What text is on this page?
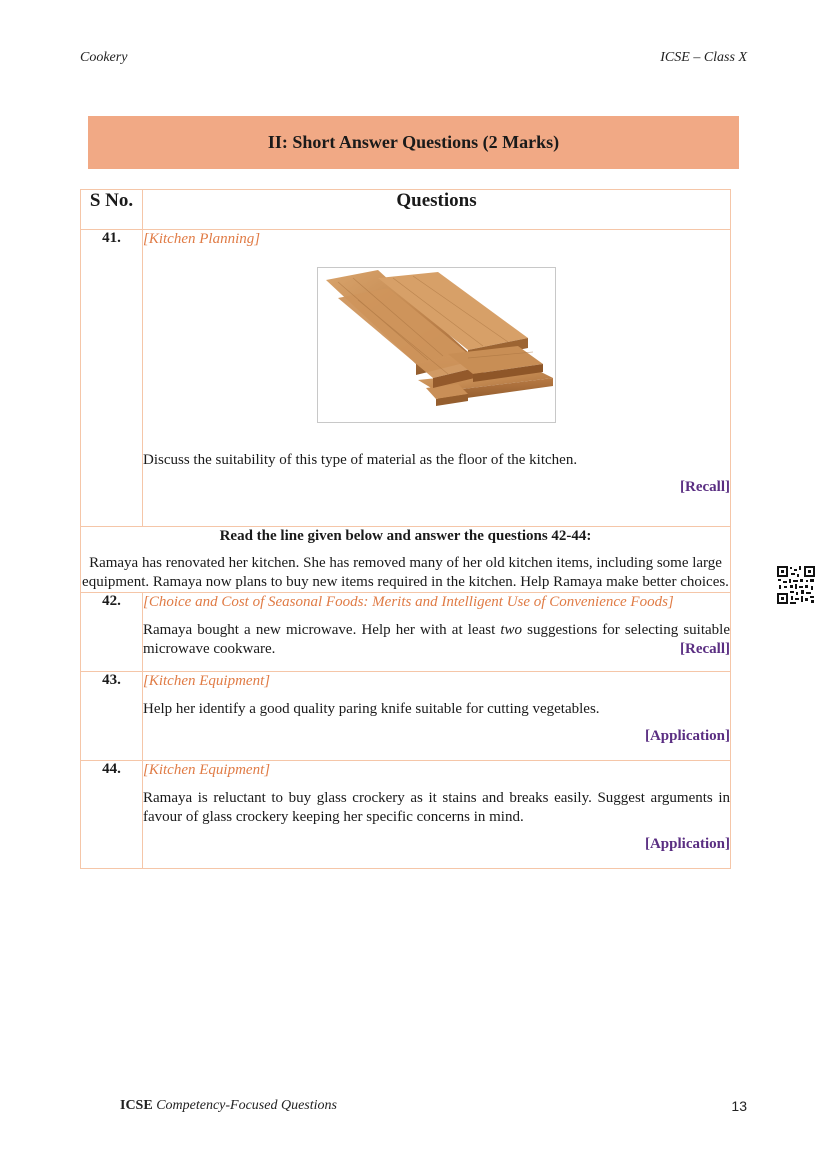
Cookery	ICSE – Class X
II: Short Answer Questions (2 Marks)
S No.	Questions
41.	[Kitchen Planning]
Discuss the suitability of this type of material as the floor of the kitchen.
[Recall]

Read the line given below and answer the questions 42-44:
Ramaya has renovated her kitchen. She has removed many of her old kitchen items, including some large equipment. Ramaya now plans to buy new items required in the kitchen. Help Ramaya make better choices.	

42.	[Choice and Cost of Seasonal Foods: Merits and Intelligent Use of Convenience Foods]
Ramaya bought a new microwave. Help her with at least two suggestions for selecting suitable microwave cookware. [Recall]

43.	[Kitchen Equipment]
Help her identify a good quality paring knife suitable for cutting vegetables.
[Application]

44.	[Kitchen Equipment]
Ramaya is reluctant to buy glass crockery as it stains and breaks easily. Suggest arguments in favour of glass crockery keeping her specific concerns in mind.
[Application]
ICSE Competency-Focused Questions	13
